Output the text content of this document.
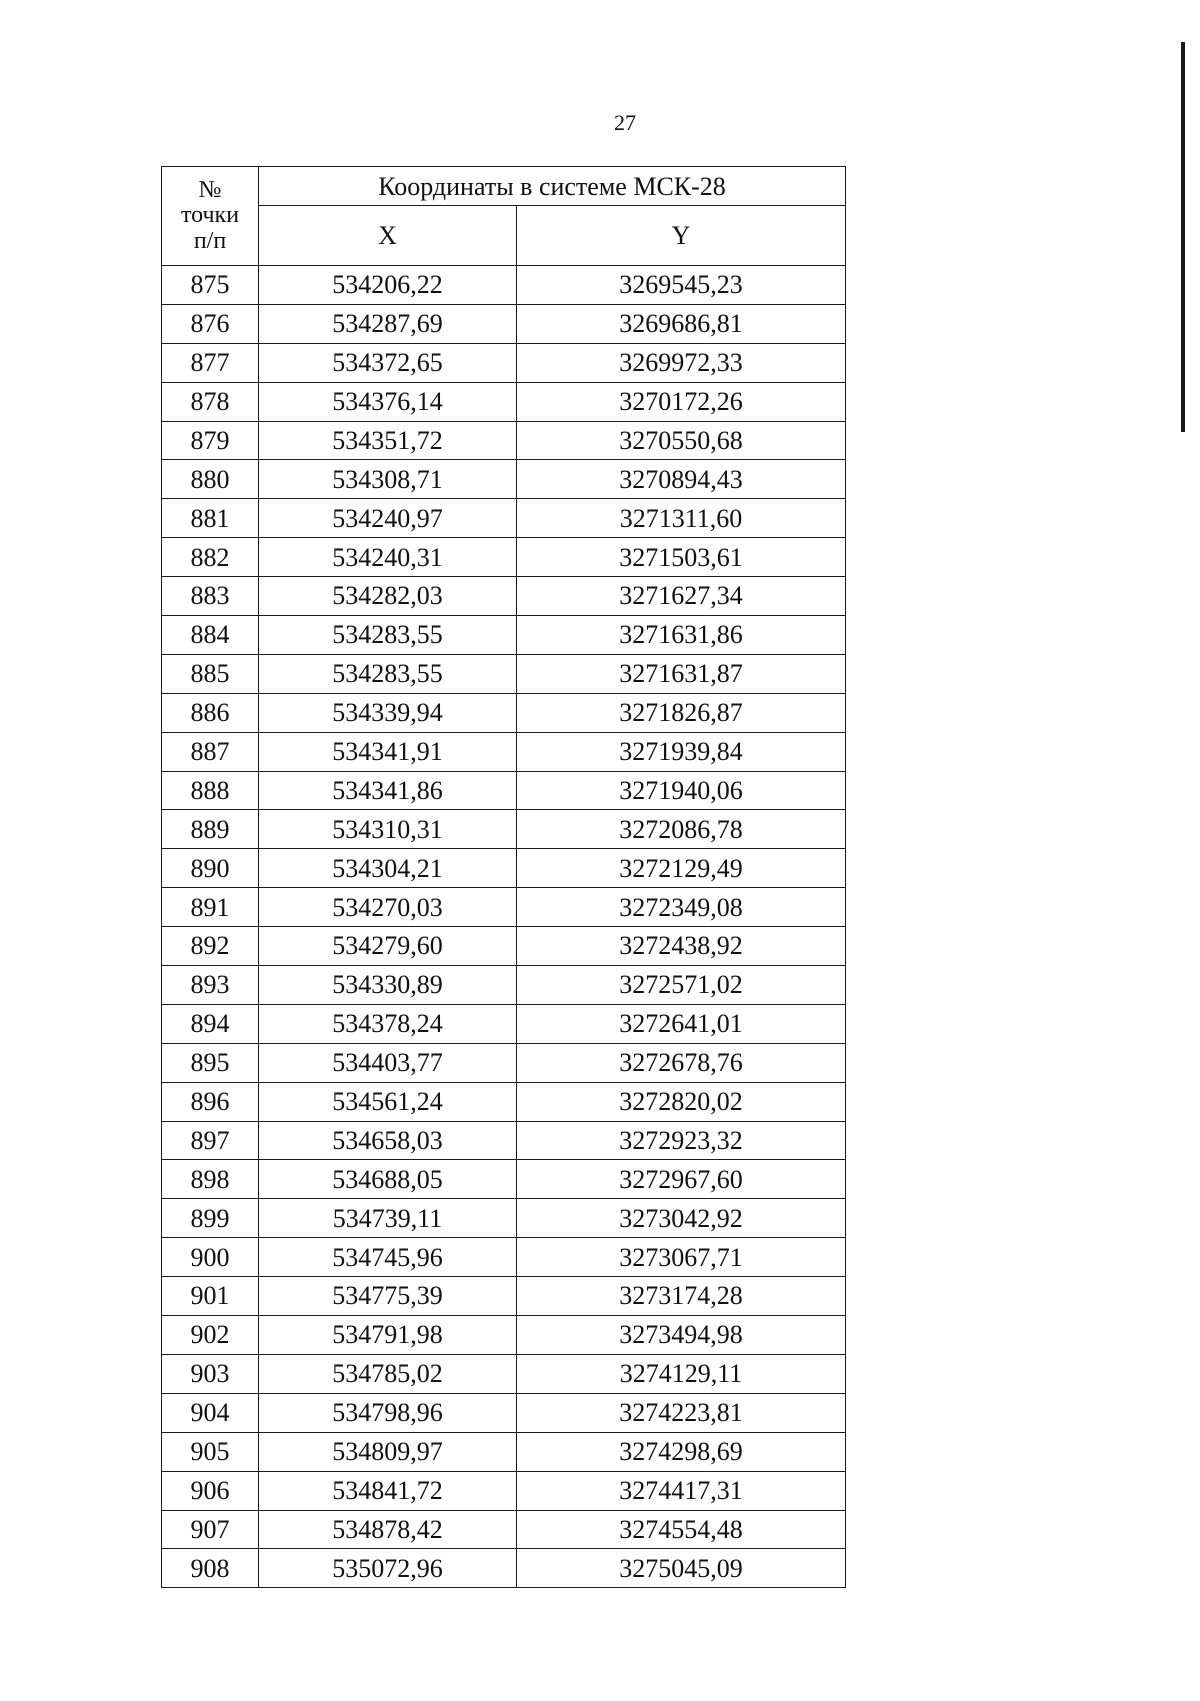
27
№
точки
п/п	Координаты в системе МСК-28	
	X	Y
875	534206,22	3269545,23
876	534287,69	3269686,81
877	534372,65	3269972,33
878	534376,14	3270172,26
879	534351,72	3270550,68
880	534308,71	3270894,43
881	534240,97	3271311,60
882	534240,31	3271503,61
883	534282,03	3271627,34
884	534283,55	3271631,86
885	534283,55	3271631,87
886	534339,94	3271826,87
887	534341,91	3271939,84
888	534341,86	3271940,06
889	534310,31	3272086,78
890	534304,21	3272129,49
891	534270,03	3272349,08
892	534279,60	3272438,92
893	534330,89	3272571,02
894	534378,24	3272641,01
895	534403,77	3272678,76
896	534561,24	3272820,02
897	534658,03	3272923,32
898	534688,05	3272967,60
899	534739,11	3273042,92
900	534745,96	3273067,71
901	534775,39	3273174,28
902	534791,98	3273494,98
903	534785,02	3274129,11
904	534798,96	3274223,81
905	534809,97	3274298,69
906	534841,72	3274417,31
907	534878,42	3274554,48
908	535072,96	3275045,09
